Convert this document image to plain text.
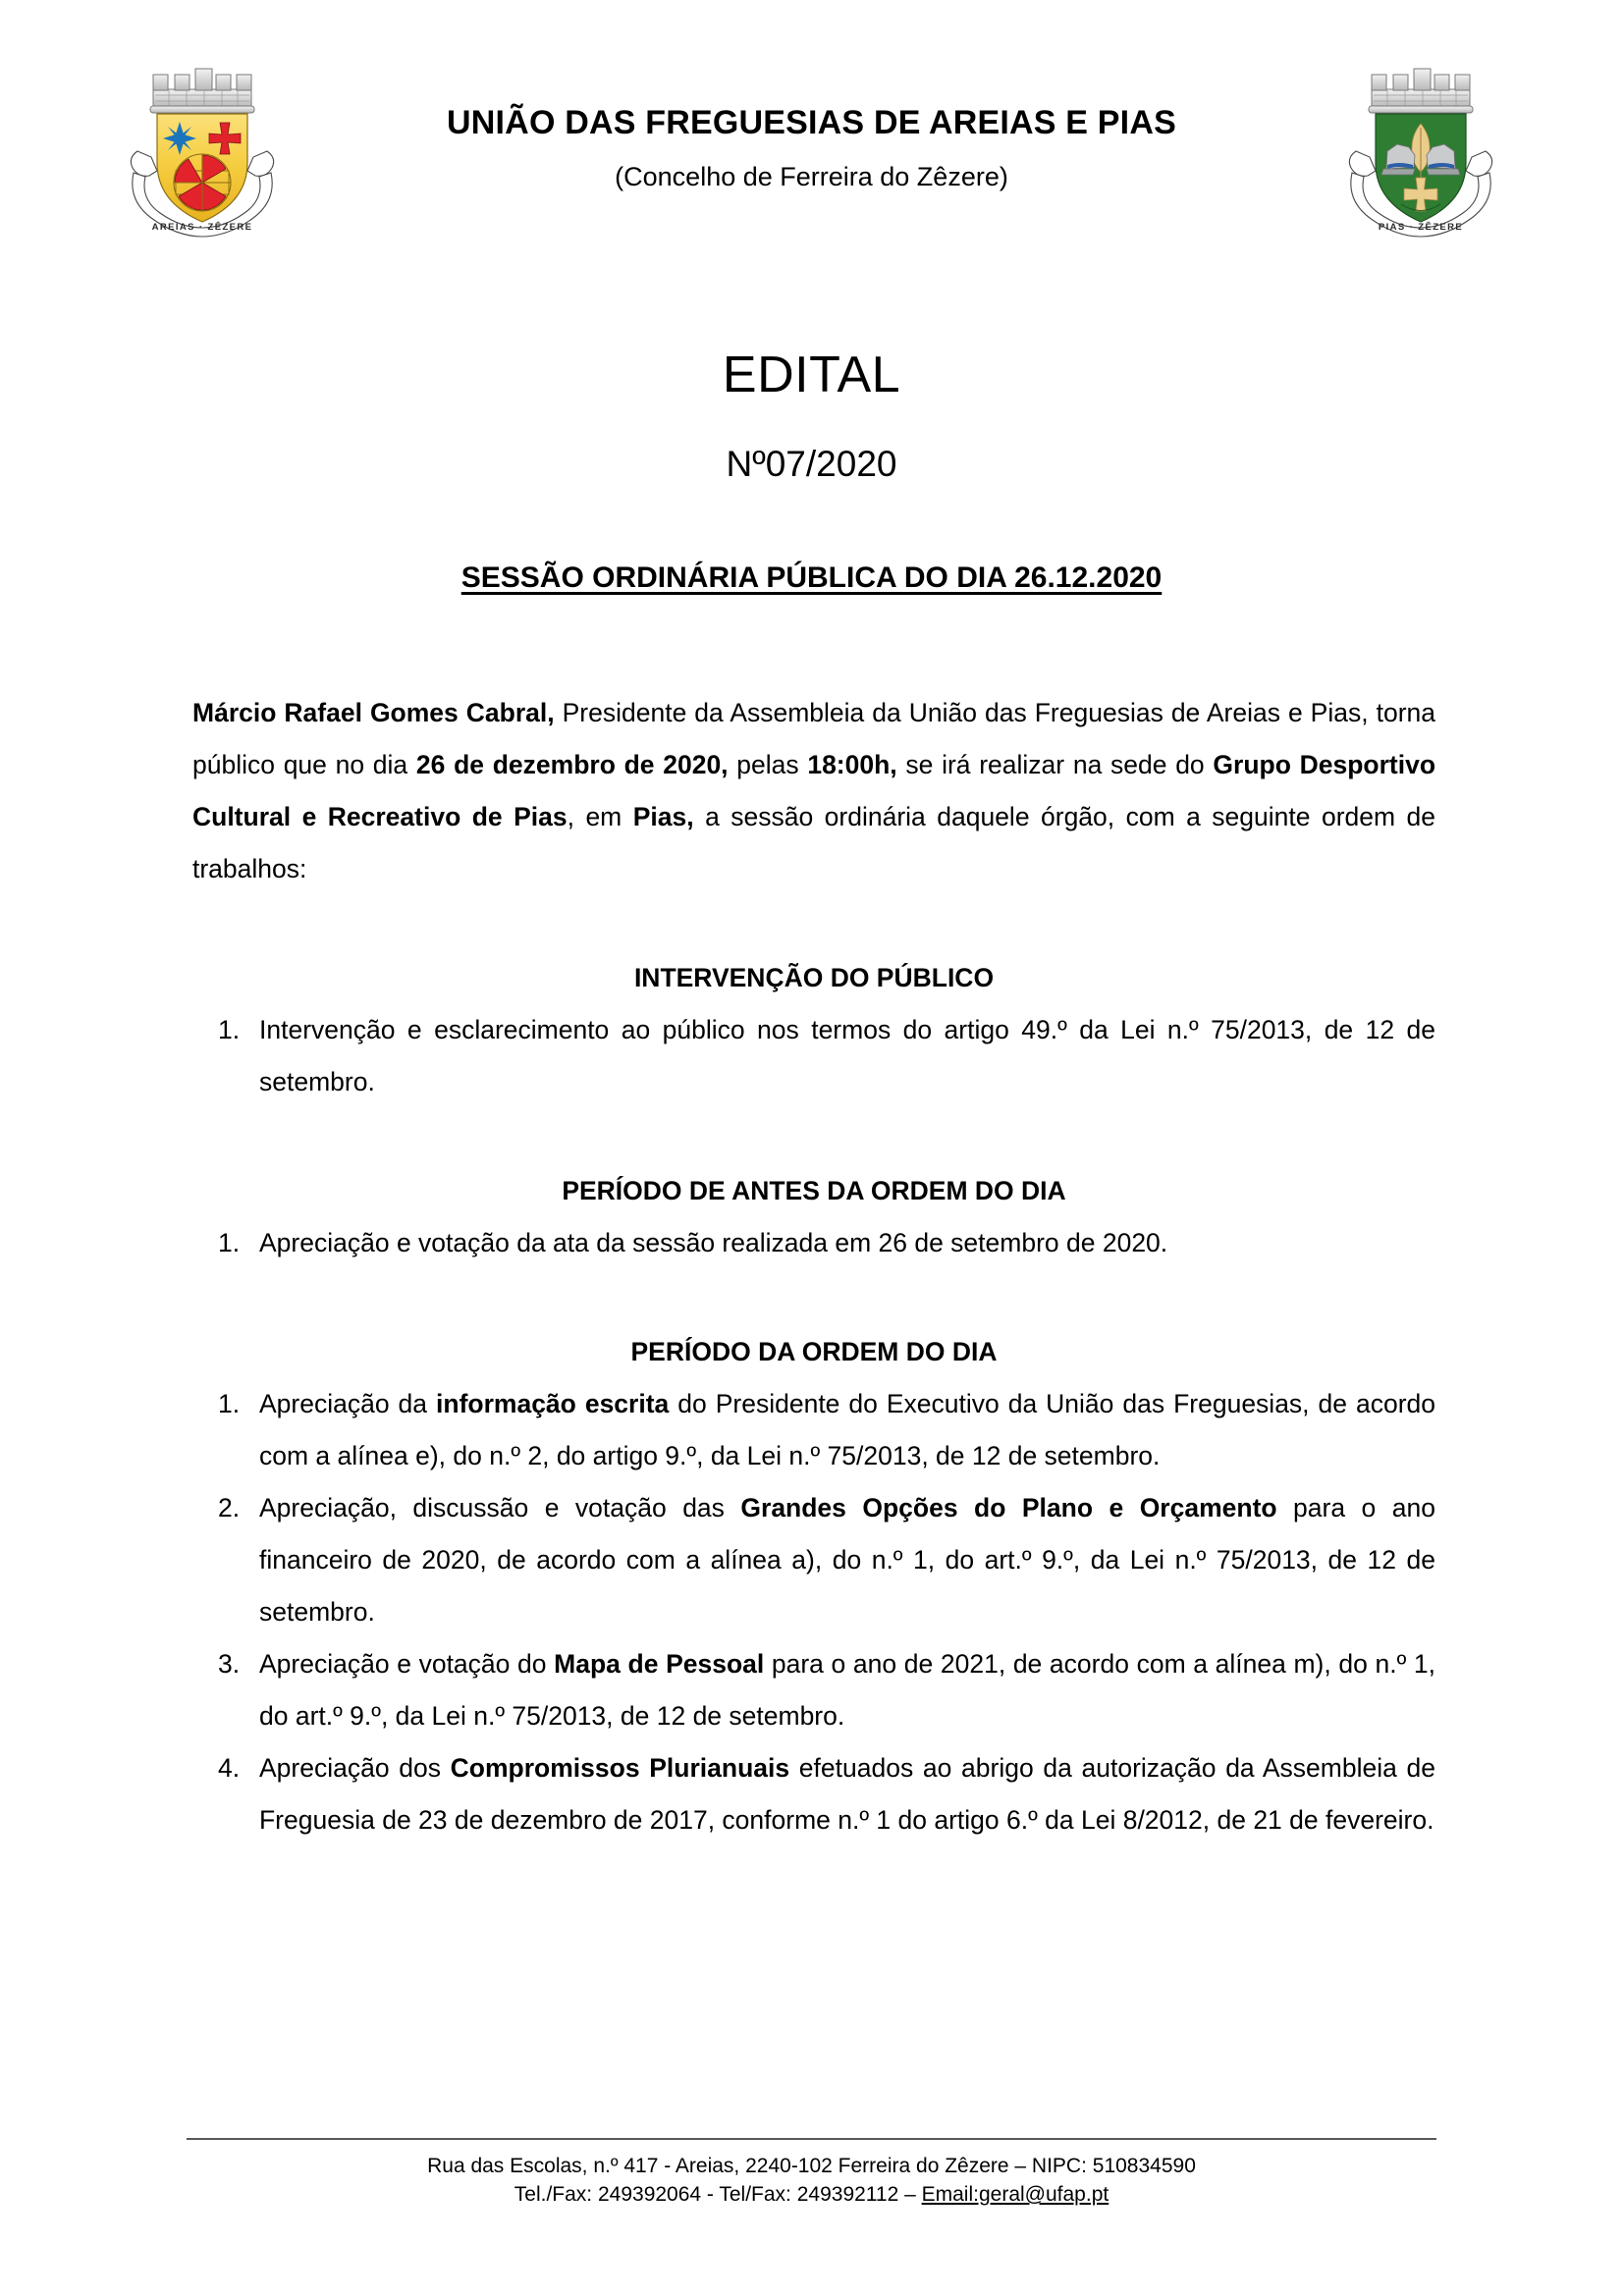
AREIAS · ZÊZERE
UNIÃO DAS FREGUESIAS DE AREIAS E PIAS
(Concelho de Ferreira do Zêzere)
PIAS · ZÊZERE
EDITAL
Nº07/2020
SESSÃO ORDINÁRIA PÚBLICA DO DIA 26.12.2020

Márcio Rafael Gomes Cabral, Presidente da Assembleia da União das Freguesias de Areias e Pias, torna público que no dia 26 de dezembro de 2020, pelas 18:00h, se irá realizar na sede do Grupo Desportivo Cultural e Recreativo de Pias, em Pias, a sessão ordinária daquele órgão, com a seguinte ordem de trabalhos:

INTERVENÇÃO DO PÚBLICO

Intervenção e esclarecimento ao público nos termos do artigo 49.º da Lei n.º 75/2013, de 12 de setembro.

PERÍODO DE ANTES DA ORDEM DO DIA

Apreciação e votação da ata da sessão realizada em 26 de setembro de 2020.

PERÍODO DA ORDEM DO DIA

Apreciação da informação escrita do Presidente do Executivo da União das Freguesias, de acordo com a alínea e), do n.º 2, do artigo 9.º, da Lei n.º 75/2013, de 12 de setembro.
Apreciação, discussão e votação das Grandes Opções do Plano e Orçamento para o ano financeiro de 2020, de acordo com a alínea a), do n.º 1, do art.º 9.º, da Lei n.º 75/2013, de 12 de setembro.
Apreciação e votação do Mapa de Pessoal para o ano de 2021, de acordo com a alínea m), do n.º 1, do art.º 9.º, da Lei n.º 75/2013, de 12 de setembro.
Apreciação dos Compromissos Plurianuais efetuados ao abrigo da autorização da Assembleia de Freguesia de 23 de dezembro de 2017, conforme n.º 1 do artigo 6.º da Lei 8/2012, de 21 de fevereiro.
Rua das Escolas, n.º 417 - Areias, 2240-102 Ferreira do Zêzere – NIPC: 510834590
Tel./Fax: 249392064 - Tel/Fax: 249392112 – Email:geral@ufap.pt
